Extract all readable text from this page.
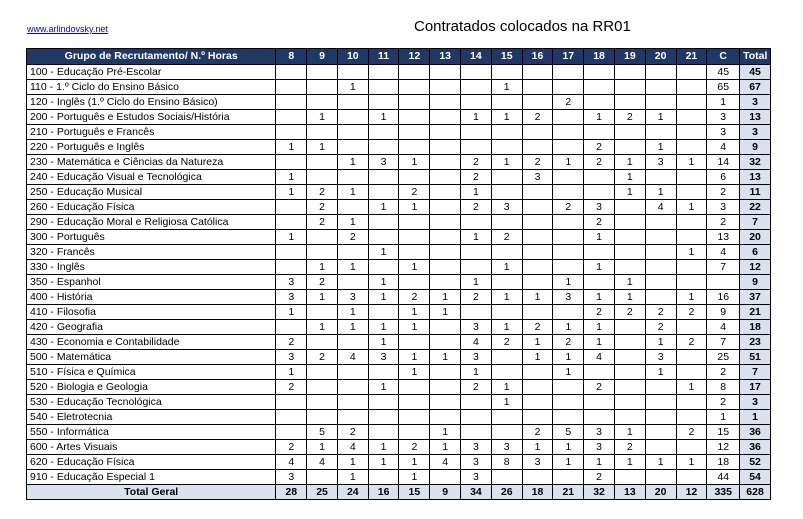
www.arlindovsky.net	Contratados colocados na RR01
Grupo de Recrutamento/ N.º Horas	8	9	10	11	12	13	14	15	16	17	18	19	20	21	C	Total
100 - Educação Pré-Escolar															45	45
110 - 1.º Ciclo do Ensino Básico			1					1							65	67
120 - Inglês (1.º Ciclo do Ensino Básico)										2					1	3
200 - Português e Estudos Sociais/História		1		1			1	1	2		1	2	1		3	13
210 - Português e Francês															3	3
220 - Português e Inglês	1	1									2		1		4	9
230 - Matemática e Ciências da Natureza			1	3	1		2	1	2	1	2	1	3	1	14	32
240 - Educação Visual e Tecnológica	1						2		3			1			6	13
250 - Educação Musical	1	2	1		2		1					1	1		2	11
260 - Educação Física		2		1	1		2	3		2	3		4	1	3	22
290 - Educação Moral e Religiosa Católica		2	1								2				2	7
300 - Português	1		2				1	2			1				13	20
320 - Francês				1										1	4	6
330 - Inglês		1	1		1			1			1				7	12
350 - Espanhol	3	2		1			1			1		1				9
400 - História	3	1	3	1	2	1	2	1	1	3	1	1		1	16	37
410 - Filosofia	1		1		1	1					2	2	2	2	9	21
420 - Geografia		1	1	1	1		3	1	2	1	1		2		4	18
430 - Economia e Contabilidade	2			1			4	2	1	2	1		1	2	7	23
500 - Matemática	3	2	4	3	1	1	3		1	1	4		3		25	51
510 - Física e Química	1				1		1			1			1		2	7
520 - Biologia e Geologia	2			1			2	1			2			1	8	17
530 - Educação Tecnológica								1							2	3
540 - Eletrotecnia															1	1
550 - Informática		5	2			1			2	5	3	1		2	15	36
600 - Artes Visuais	2	1	4	1	2	1	3	3	1	1	3	2			12	36
620 - Educação Física	4	4	1	1	1	4	3	8	3	1	1	1	1	1	18	52
910 - Educação Especial 1	3		1		1		3				2				44	54
Total Geral	28	25	24	16	15	9	34	26	18	21	32	13	20	12	335	628
